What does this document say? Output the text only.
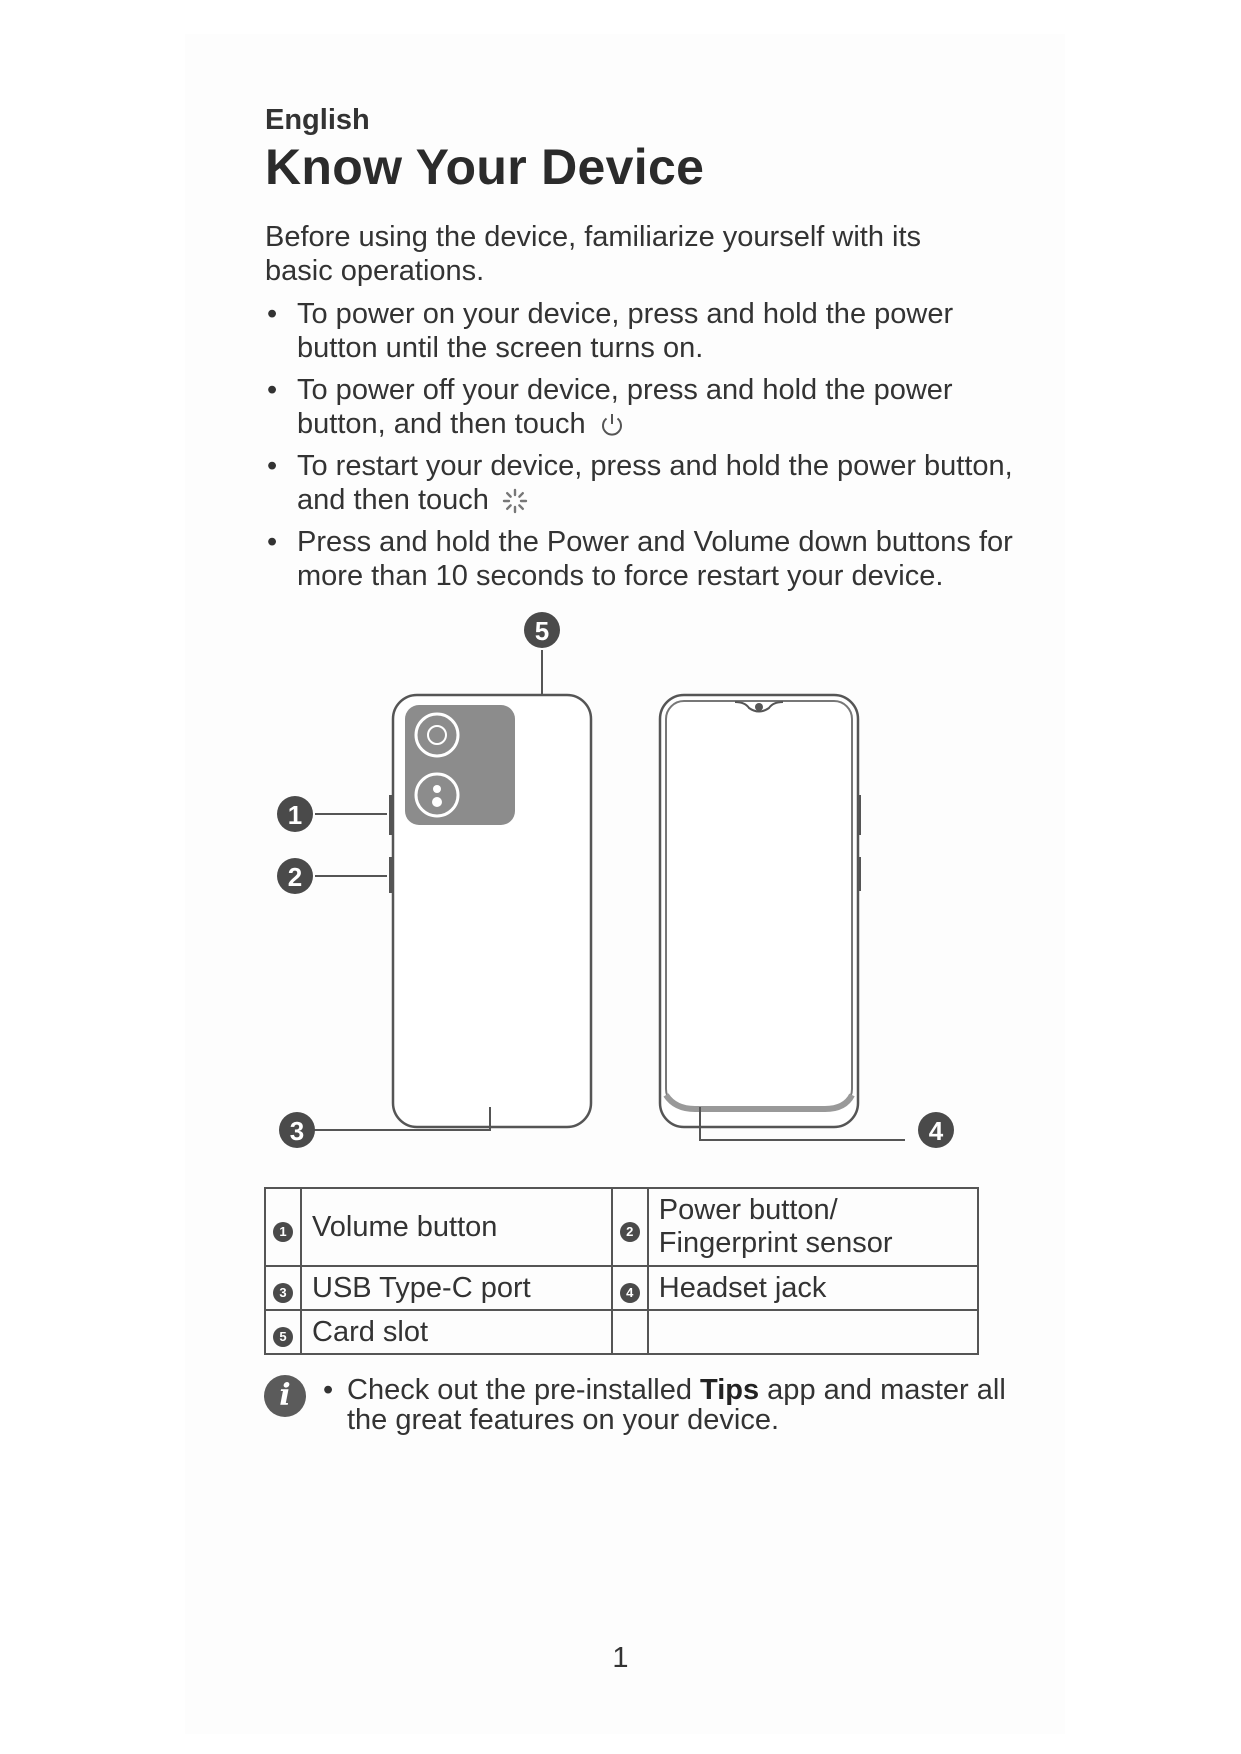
English
Know Your Device
Before using the device, familiarize yourself with its basic operations.
• To power on your device, press and hold the power button until the screen turns on.
• To power off your device, press and hold the power button, and then touch
• To restart your device, press and hold the power button, and then touch
• Press and hold the Power and Volume down buttons for more than 10 seconds to force restart your device.
5
1
2
3	4
1	Volume button	2	Power button/
Fingerprint sensor

3	USB Type-C port	4	Headset jack
5	Card slot		
i	• Check out the pre-installed Tips app and master all the great features on your device.
1
